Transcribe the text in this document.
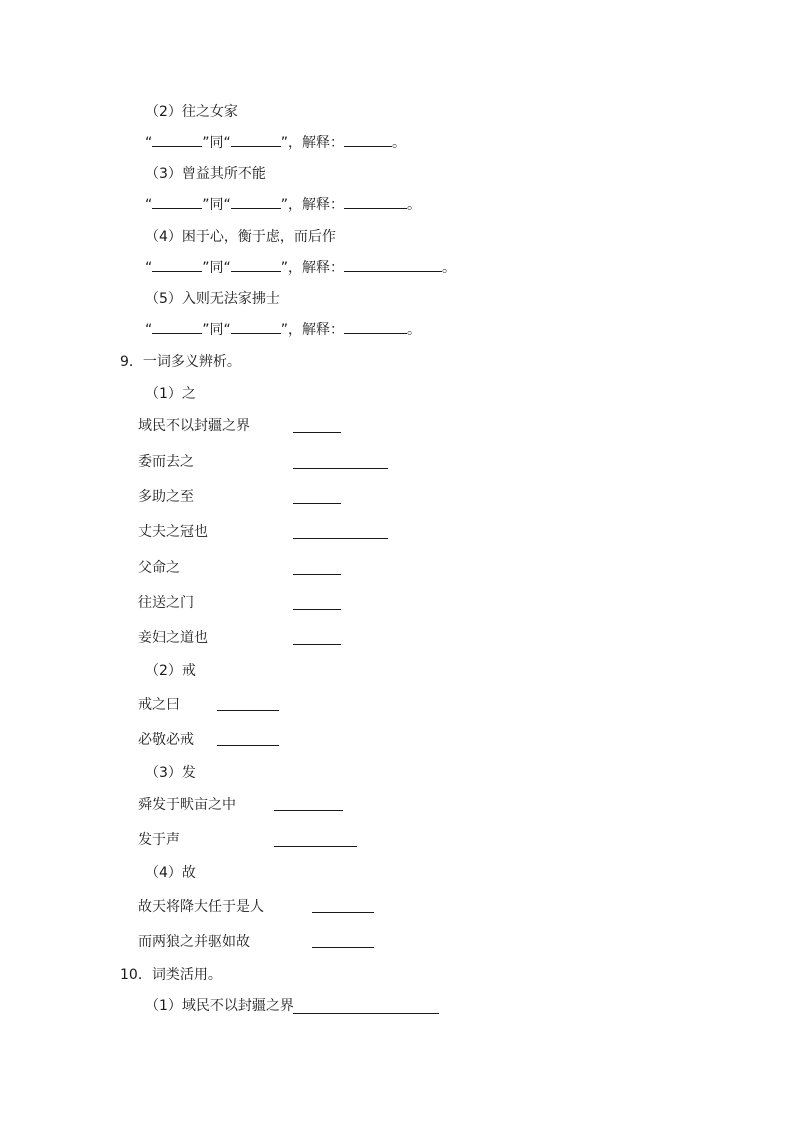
（2）往之女家
“	”同“	”，解释：	。
（3）曾益其所不能
“	”同“	”，解释：	。
（4）困于心，衡于虑，而后作
“	”同“	”，解释：	。
（5）入则无法家拂士
“	”同“	”，解释：	。
9．一词多义辨析。
（1）之
域民不以封疆之界
委而去之
多助之至
丈夫之冠也
父命之
往送之门
妾妇之道也
（2）戒
戒之曰
必敬必戒
（3）发
舜发于畎亩之中
发于声
（4）故
故天将降大任于是人
而两狼之并驱如故
10．词类活用。
（1）域民不以封疆之界
